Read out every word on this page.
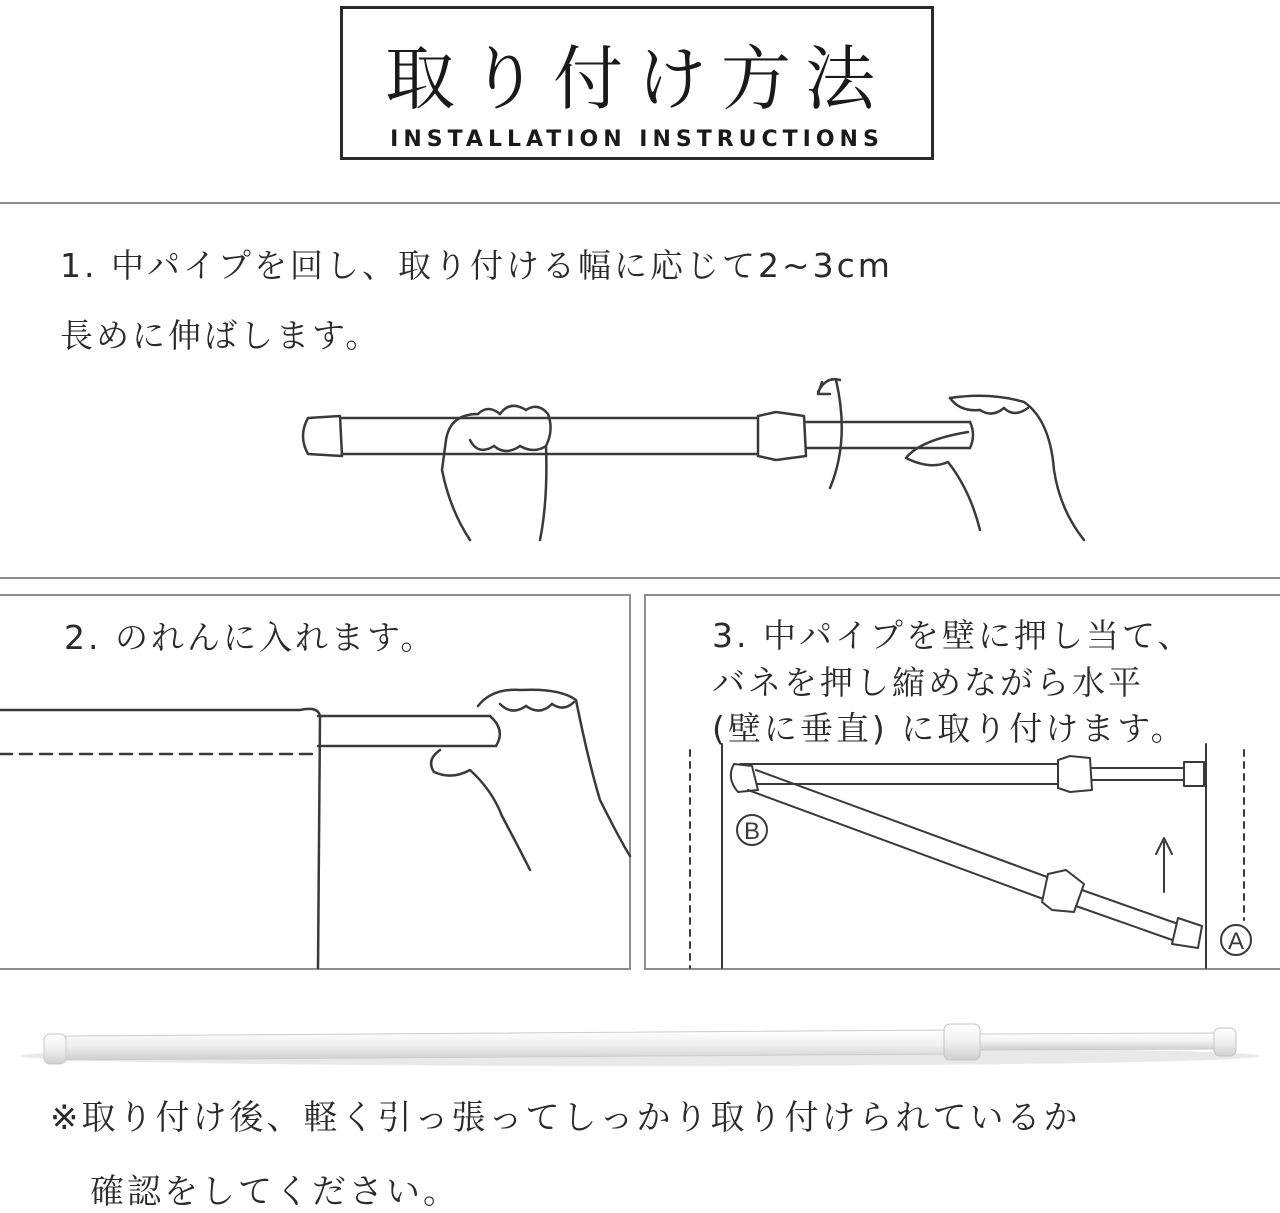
取り付け方法
INSTALLATION INSTRUCTIONS
1. 中パイプを回し、取り付ける幅に応じて2~3cm
長めに伸ばします。
2. のれんに入れます。	3. 中パイプを壁に押し当て、
バネを押し縮めながら水平
(壁に垂直) に取り付けます。
B
A
※取り付け後、軽く引っ張ってしっかり取り付けられているか
確認をしてください。
